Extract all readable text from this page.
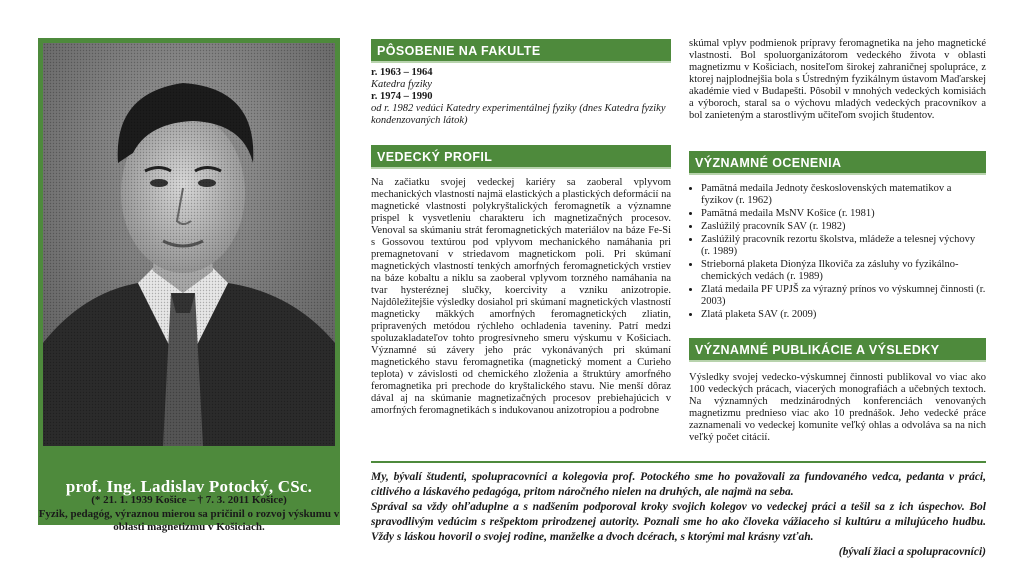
prof. Ing. Ladislav Potocký, CSc.
(* 21. 1. 1939 Košice – † 7. 3. 2011 Košice)
Fyzik, pedagóg, výraznou mierou sa pričinil o rozvoj výskumu v oblasti magnetizmu v Košiciach.
PÔSOBENIE NA FAKULTE
r. 1963 – 1964
Katedra fyziky
r. 1974 – 1990
od r. 1982 vedúci Katedry experimentálnej fyziky (dnes Katedra fyziky kondenzovaných látok)
VEDECKÝ PROFIL
Na začiatku svojej vedeckej kariéry sa zaoberal vplyvom mechanických vlastností najmä elastických a plastických deformácií na magnetické vlastnosti polykryštalických feromagnetík a významne prispel k vysvetleniu charakteru ich magnetizačných procesov. Venoval sa skúmaniu strát feromagnetických materiálov na báze Fe-Si s Gossovou textúrou pod vplyvom mechanického namáhania pri premagnetovaní v striedavom magnetickom poli. Pri skúmaní magnetických vlastností tenkých amorfných feromagnetických vrstiev na báze kobaltu a niklu sa zaoberal vplyvom torzného namáhania na tvar hysteréznej slučky, koercivity a vzniku anizotropie. Najdôležitejšie výsledky dosiahol pri skúmaní magnetických vlastností magneticky mäkkých amorfných feromagnetických zliatin, pripravených metódou rýchleho ochladenia taveniny. Patrí medzi spoluzakladateľov tohto progresívneho smeru výskumu v Košiciach. Významné sú závery jeho prác vykonávaných pri skúmaní magnetického stavu feromagnetika (magnetický moment a Curieho teplota) v závislosti od chemického zloženia a štruktúry amorfného feromagnetika pri prechode do kryštalického stavu. Nie menší dôraz dával aj na skúmanie magnetizačných procesov prebiehajúcich v amorfných feromagnetikách s indukovanou anizotropiou a podrobne
skúmal vplyv podmienok prípravy feromagnetika na jeho magnetické vlastnosti. Bol spoluorganizátorom vedeckého života v oblasti magnetizmu v Košiciach, nositeľom širokej zahraničnej spolupráce, z ktorej najplodnejšia bola s Ústredným fyzikálnym ústavom Maďarskej akadémie vied v Budapešti. Pôsobil v mnohých vedeckých komisiách a výboroch, staral sa o výchovu mladých vedeckých pracovníkov a bol zanieteným a starostlivým učiteľom svojich študentov.
VÝZNAMNÉ OCENENIA
• Pamätná medaila Jednoty československých matematikov a fyzikov (r. 1962)
• Pamätná medaila MsNV Košice (r. 1981)
• Zaslúžilý pracovník SAV (r. 1982)
• Zaslúžilý pracovník rezortu školstva, mládeže a telesnej výchovy (r. 1989)
• Strieborná plaketa Dionýza Ilkoviča za zásluhy vo fyzikálno-chemických vedách (r. 1989)
• Zlatá medaila PF UPJŠ za výrazný prínos vo výskumnej činnosti (r. 2003)
• Zlatá plaketa SAV (r. 2009)
VÝZNAMNÉ PUBLIKÁCIE A VÝSLEDKY
Výsledky svojej vedecko-výskumnej činnosti publikoval vo viac ako 100 vedeckých prácach, viacerých monografiách a učebných textoch. Na významných medzinárodných konferenciách venovaných magnetizmu prednieso viac ako 10 prednášok. Jeho vedecké práce zaznamenali vo vedeckej komunite veľký ohlas a odvolávа sa na nich veľký počet citácií.

My, bývalí študenti, spolupracovníci a kolegovia prof. Potockého sme ho považovali za fundovaného vedca, pedanta v práci, citlivého a láskavého pedagóga, pritom náročného nielen na druhých, ale najmä na seba.

Správal sa vždy ohľaduplne a s nadšením podporoval kroky svojich kolegov vo vedeckej práci a tešil sa z ich úspechov. Bol spravodlivým vedúcim s rešpektom prirodzenej autority. Poznali sme ho ako človeka vážiaceho si kultúru a milujúceho hudbu. Vždy s láskou hovoril o svojej rodine, manželke a dvoch dcérach, s ktorými mal krásny vzťah.

(bývalí žiaci a spolupracovníci)
